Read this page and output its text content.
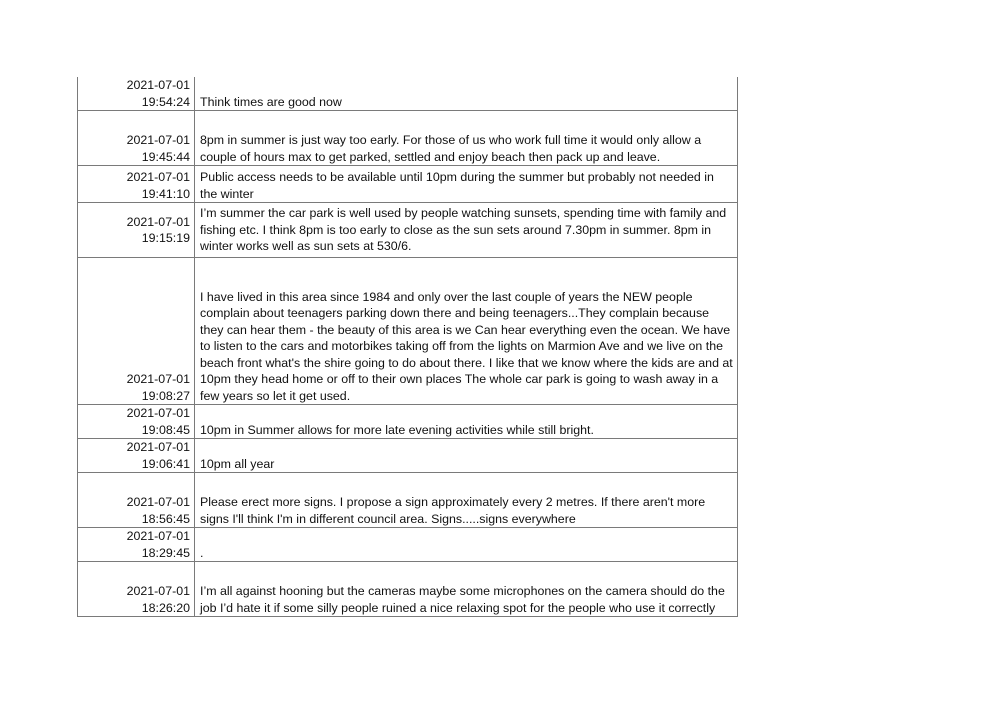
2021-07-01
19:54:24	Think times are good now

2021-07-01
19:45:44	8pm in summer is just way too early. For those of us who work full time it would only allow a couple of hours max to get parked, settled and enjoy beach then pack up and leave.

2021-07-01
19:41:10	Public access needs to be available until 10pm during the summer but probably not needed in the winter

2021-07-01
19:15:19	I’m summer the car park is well used by people watching sunsets, spending time with family and fishing etc. I think 8pm is too early to close as the sun sets around 7.30pm in summer. 8pm in winter works well as sun sets at 530/6.

2021-07-01
19:08:27	I have lived in this area since 1984 and only over the last couple of years the NEW people complain about teenagers parking down there and being teenagers...They complain because they can hear them - the beauty of this area is we Can hear everything even the ocean. We have to listen to the cars and motorbikes taking off from the lights on Marmion Ave and we live on the beach front what's the shire going to do about there. I like that we know where the kids are and at 10pm they head home or off to their own places The whole car park is going to wash away in a few years so let it get used.

2021-07-01
19:08:45	10pm in Summer allows for more late evening activities while still bright.

2021-07-01
19:06:41	10pm all year

2021-07-01
18:56:45	Please erect more signs. I propose a sign approximately every 2 metres. If there aren't more signs I'll think I'm in different council area. Signs.....signs everywhere

2021-07-01
18:29:45	.

2021-07-01
18:26:20	I’m all against hooning but the cameras maybe some microphones on the camera should do the job I’d hate it if some silly people ruined a nice relaxing spot for the people who use it correctly
